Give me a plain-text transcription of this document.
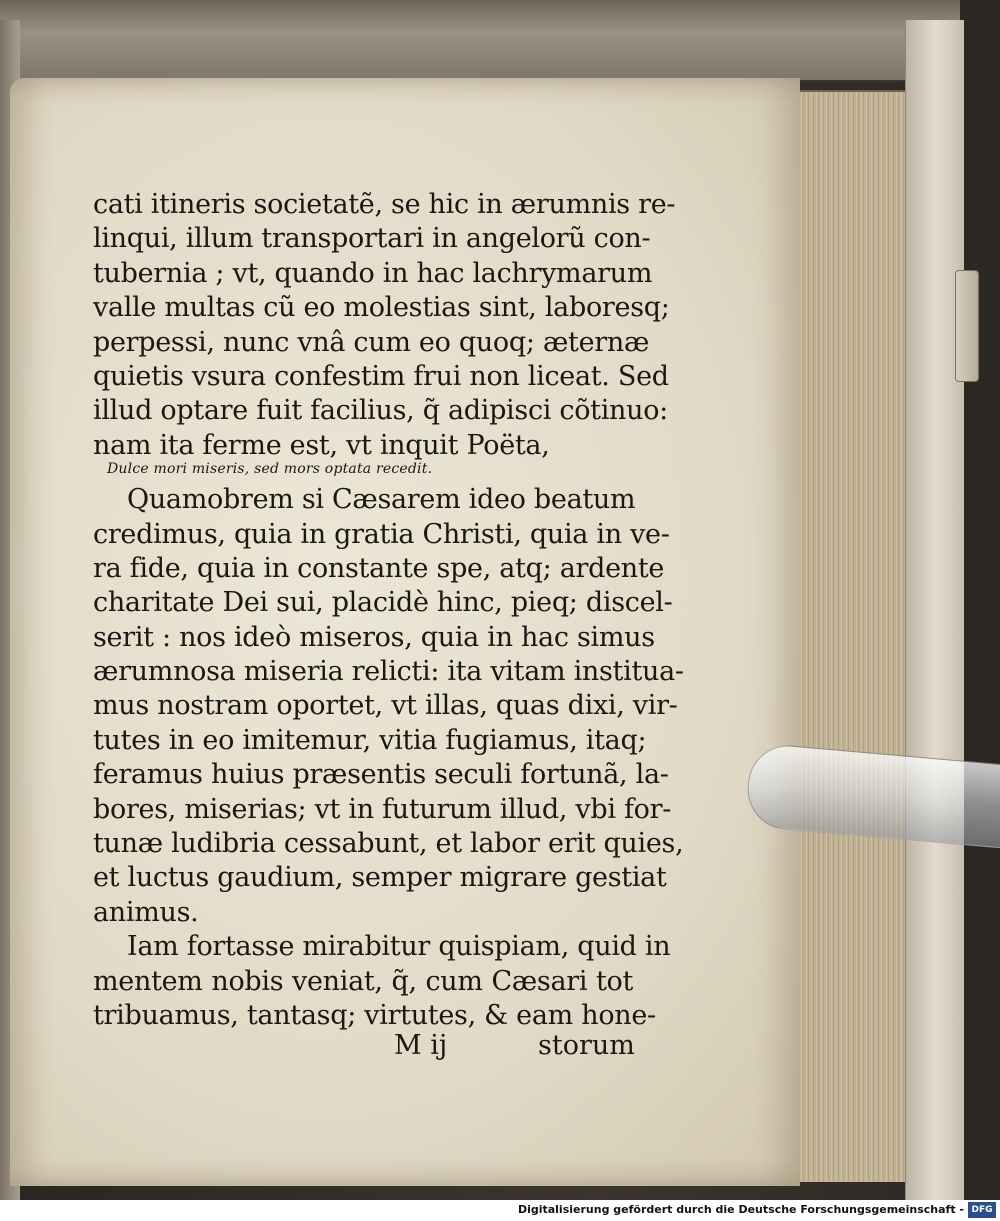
cati itineris societatẽ, se hic in ærumnis re-
linqui, illum transportari in angelorũ con-
tubernia ; vt, quando in hac lachrymarum
valle multas cũ eo molestias sint, laboresq;
perpessi, nunc vnâ cum eo quoq; æternæ
quietis vsura confestim frui non liceat. Sed
illud optare fuit facilius, q̃ adipisci cõtinuo:
nam ita ferme est, vt inquit Poëta,
Dulce mori miseris, sed mors optata recedit.
Quamobrem si Cæsarem ideo beatum
credimus, quia in gratia Christi, quia in ve-
ra fide, quia in constante spe, atq; ardente
charitate Dei sui, placidè hinc, pieq; discel-
serit : nos ideò miseros, quia in hac simus
ærumnosa miseria relicti: ita vitam institua-
mus nostram oportet, vt illas, quas dixi, vir-
tutes in eo imitemur, vitia fugiamus, itaq;
feramus huius præsentis seculi fortunã, la-
bores, miserias; vt in futurum illud, vbi for-
tunæ ludibria cessabunt, et labor erit quies,
et luctus gaudium, semper migrare gestiat
animus.
Iam fortasse mirabitur quispiam, quid in
mentem nobis veniat, q̃, cum Cæsari tot
tribuamus, tantasq; virtutes, & eam hone-
M ij	storum
Digitalisierung gefördert durch die Deutsche Forschungsgemeinschaft - DFG
